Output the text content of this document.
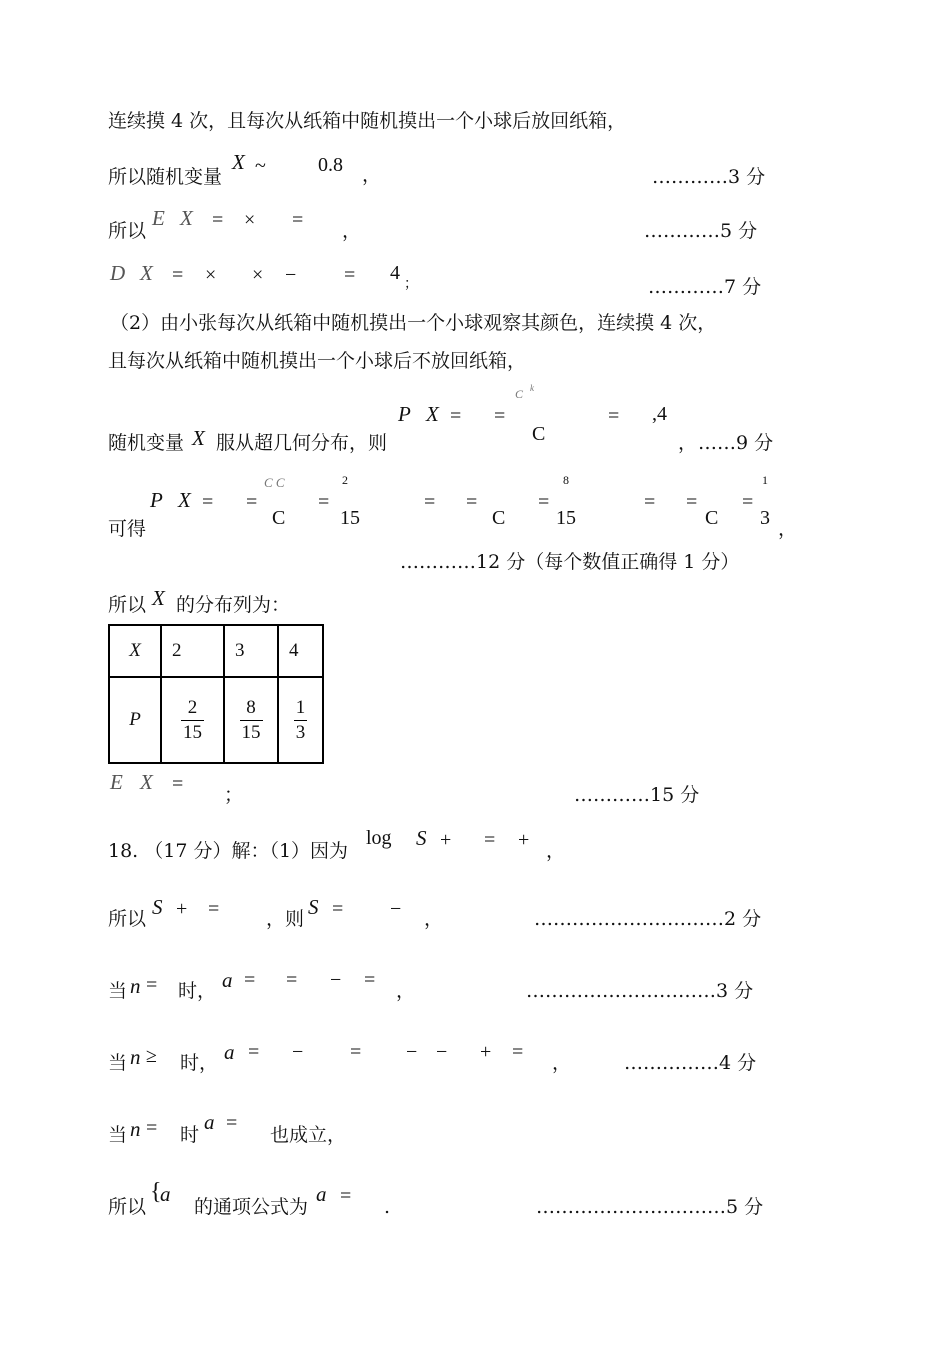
连续摸 4 次，且每次从纸箱中随机摸出一个小球后放回纸箱，
所以随机变量
X ~	0.8 ，	…………3 分
所以
E X = × = ，	…………5 分
D X = × × − = 4 ；	…………7 分
（2）由小张每次从纸箱中随机摸出一个小球观察其颜色，连续摸 4 次，
且每次从纸箱中随机摸出一个小球后不放回纸箱，
C k
P X = =	= ,4
C
随机变量 X 服从超几何分布，则	， ……9 分
C C	2	8	1
P X = =	=	= =	=	= = =
C	15	C	15	C 3
可得	，
…………12 分（每个数值正确得 1 分）
所以 X 的分布列为：
X	2	3	4
P	$\frac{2}{15}$	$\frac{8}{15}$	$\frac{1}{3}$
E X = ；	…………15 分
18. （17 分）解：（1）因为
log S + = + ，
所以 S + = ，则 S = − ，	…………………………2 分
当 n = 时， a = = − = ，	…………………………3 分
当 n ≥ 时， a = − = − − + = ，	……………4 分
当 n = 时
a =
也成立，
所以
{
a
的通项公式为
a = .	…………………………5 分
